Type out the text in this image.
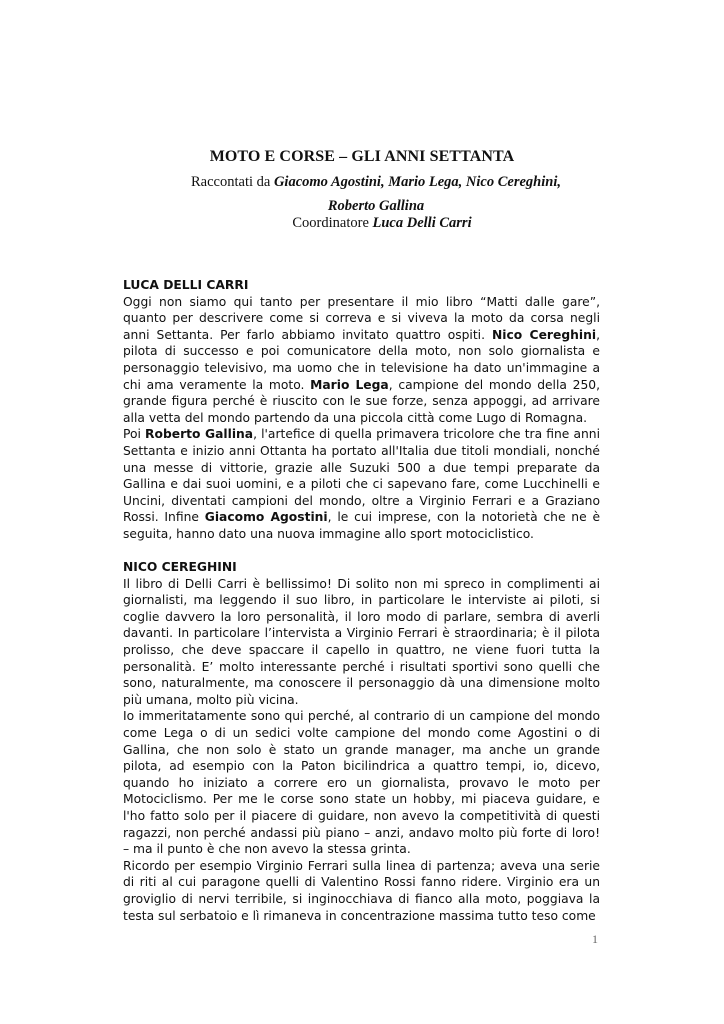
MOTO E CORSE – GLI ANNI SETTANTA
Raccontati da Giacomo Agostini, Mario Lega, Nico Cereghini,
Roberto Gallina
Coordinatore Luca Delli Carri

LUCA DELLI CARRI

Oggi non siamo qui tanto per presentare il mio libro “Matti dalle gare”, quanto per descrivere come si correva e si viveva la moto da corsa negli anni Settanta. Per farlo abbiamo invitato quattro ospiti. Nico Cereghini, pilota di successo e poi comunicatore della moto, non solo giornalista e personaggio televisivo, ma uomo che in televisione ha dato un'immagine a chi ama veramente la moto. Mario Lega, campione del mondo della 250, grande figura perché è riuscito con le sue forze, senza appoggi, ad arrivare alla vetta del mondo partendo da una piccola città come Lugo di Romagna.

Poi Roberto Gallina, l'artefice di quella primavera tricolore che tra fine anni Settanta e inizio anni Ottanta ha portato all'Italia due titoli mondiali, nonché una messe di vittorie, grazie alle Suzuki 500 a due tempi preparate da Gallina e dai suoi uomini, e a piloti che ci sapevano fare, come Lucchinelli e Uncini, diventati campioni del mondo, oltre a Virginio Ferrari e a Graziano Rossi. Infine Giacomo Agostini, le cui imprese, con la notorietà che ne è seguita, hanno dato una nuova immagine allo sport motociclistico.

NICO CEREGHINI

Il libro di Delli Carri è bellissimo! Di solito non mi spreco in complimenti ai giornalisti, ma leggendo il suo libro, in particolare le interviste ai piloti, si coglie davvero la loro personalità, il loro modo di parlare, sembra di averli davanti. In particolare l’intervista a Virginio Ferrari è straordinaria; è il pilota prolisso, che deve spaccare il capello in quattro, ne viene fuori tutta la personalità. E’ molto interessante perché i risultati sportivi sono quelli che sono, naturalmente, ma conoscere il personaggio dà una dimensione molto più umana, molto più vicina.

Io immeritatamente sono qui perché, al contrario di un campione del mondo come Lega o di un sedici volte campione del mondo come Agostini o di Gallina, che non solo è stato un grande manager, ma anche un grande pilota, ad esempio con la Paton bicilindrica a quattro tempi, io, dicevo, quando ho iniziato a correre ero un giornalista, provavo le moto per Motociclismo. Per me le corse sono state un hobby, mi piaceva guidare, e l'ho fatto solo per il piacere di guidare, non avevo la competitività di questi ragazzi, non perché andassi più piano – anzi, andavo molto più forte di loro! – ma il punto è che non avevo la stessa grinta.

Ricordo per esempio Virginio Ferrari sulla linea di partenza; aveva una serie di riti al cui paragone quelli di Valentino Rossi fanno ridere. Virginio era un groviglio di nervi terribile, si inginocchiava di fianco alla moto, poggiava la testa sul serbatoio e lì rimaneva in concentrazione massima tutto teso come

1
